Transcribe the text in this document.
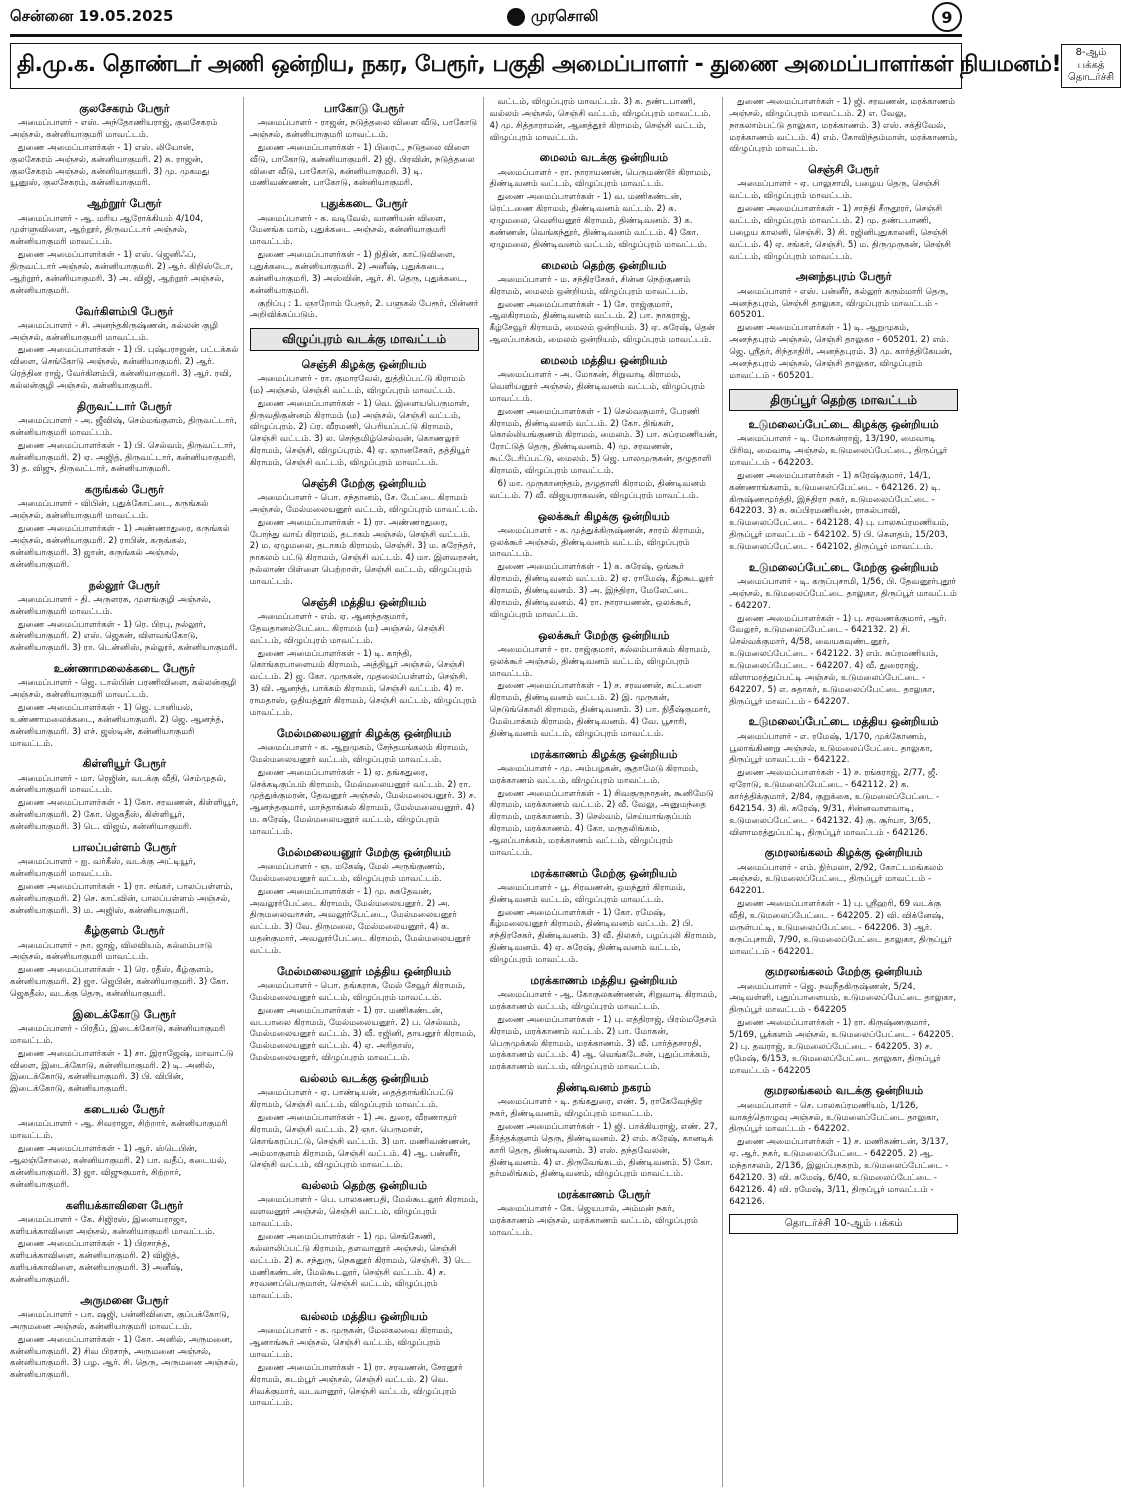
சென்னை 19.05.2025	முரசொலி	9
தி.மு.க. தொண்டர் அணி ஒன்றிய, நகர, பேரூர், பகுதி அமைப்பாளர் - துணை அமைப்பாளர்கள் நியமனம்!	8-ஆம் பக்கத் தொடர்ச்சி
குலசேகரம் பேரூர்

அமைப்பாளர் - எஸ். அந்தோணியராஜ், குலசேகரம் அஞ்சல், கன்னியாகுமரி மாவட்டம்.

துணை அமைப்பாளர்கள் - 1) எஸ். லியோன், குலசேகரம் அஞ்சல், கன்னியாகுமரி. 2) சு. ராஜன், குலசேகரம் அஞ்சல், கன்னியாகுமரி. 3) மு. முகமது யூனுஸ், குலசேகரம், கன்னியாகுமரி.

ஆற்றூர் பேரூர்

அமைப்பாளர் - ஆ. மரிய ஆரோக்கியம் 4/104, முள்ளுவிளை, ஆற்றூர், திருவட்டார் அஞ்சல், கன்னியாகுமரி மாவட்டம்.

துணை அமைப்பாளர்கள் - 1) எஸ். ஜெனிஃப், திருவட்டார் அஞ்சல், கன்னியாகுமரி. 2) ஆர். கிறிஸ்டோ, ஆற்றூர், கன்னியாகுமரி. 3) அ. விஜி, ஆற்றூர் அஞ்சல், கன்னியாகுமரி.

வேர்கிளம்பி பேரூர்

அமைப்பாளர் - சி. அனந்தகிருஷ்ணன், கல்லன் குழி அஞ்சல், கன்னியாகுமரி மாவட்டம்.

துணை அமைப்பாளர்கள் - 1) பி. புஷ்பராஜன், பட்டக்கல் விளை, செங்கோடு அஞ்சல், கன்னியாகுமரி. 2) ஆர். ரெத்தின ராஜ், வேர்கிளம்பி, கன்னியாகுமரி. 3) ஆர். ரவி, கல்லன்குழி அஞ்சல், கன்னியாகுமரி.

திருவட்டார் பேரூர்

அமைப்பாளர் - அ. ஜீவிஷ், செம்மங்குளம், திருவட்டார், கன்னியாகுமரி மாவட்டம்.

துணை அமைப்பாளர்கள் - 1) பி. செல்வம், திருவட்டார், கன்னியாகுமரி. 2) ஏ. அஜித், திருவட்டார், கன்னியாகுமரி. 3) த. விஜு, திருவட்டார், கன்னியாகுமரி.

கருங்கல் பேரூர்

அமைப்பாளர் - விபின், புதுக்கோட்டை, கருங்கல் அஞ்சல், கன்னியாகுமரி மாவட்டம்.

துணை அமைப்பாளர்கள் - 1) அண்ணாதுரை, கருங்கல் அஞ்சல், கன்னியாகுமரி. 2) ராபின், கருங்கல், கன்னியாகுமரி. 3) ஜான், கருங்கல் அஞ்சல், கன்னியாகுமரி.

நல்லூர் பேரூர்

அமைப்பாளர் - தி. அருளரசு, முளங்குழி அஞ்சல், கன்னியாகுமரி மாவட்டம்.

துணை அமைப்பாளர்கள் - 1) ரெ. பிரபு, நல்லூர், கன்னியாகுமரி. 2) எஸ். ஜெகன், விளவங்கோடு, கன்னியாகுமரி. 3) ரா. டென்னிஸ், நல்லூர், கன்னியாகுமரி.

உண்ணாமலைக்கடை பேரூர்

அமைப்பாளர் - ஜெ. டால்பின் பரணிவிளை, கல்லன்குழி அஞ்சல், கன்னியாகுமரி மாவட்டம்.

துணை அமைப்பாளர்கள் - 1) ஜெ. டானியல், உண்ணாமலைக்கடை, கன்னியாகுமரி. 2) ஜெ. ஆனந்த், கன்னியாகுமரி. 3) எச். ஜஸ்டின், கன்னியாகுமரி மாவட்டம்.

கிள்ளியூர் பேரூர்

அமைப்பாளர் - மா. ரெஜின், வடக்கு வீதி, செம்முதல், கன்னியாகுமரி மாவட்டம்.

துணை அமைப்பாளர்கள் - 1) கோ. சரவணன், கிள்ளியூர், கன்னியாகுமரி. 2) கோ. ஜெகதீஸ், கிள்ளியூர், கன்னியாகுமரி. 3) டெ. விஜய், கன்னியாகுமரி.

பாலப்பள்ளம் பேரூர்

அமைப்பாளர் - ஐ. வர்கீஸ், வடக்கு அட்டியூர், கன்னியாகுமரி மாவட்டம்.

துணை அமைப்பாளர்கள் - 1) ரா. சங்கர், பாலப்பள்ளம், கன்னியாகுமரி. 2) செ. காட்வின், பாலப்பள்ளம் அஞ்சல், கன்னியாகுமரி. 3) ம. அஜிஸ், கன்னியாகுமரி.

கீழ்குளம் பேரூர்

அமைப்பாளர் - நா. ஜாஜ், விலவியம், கல்லம்பாடு அஞ்சல், கன்னியாகுமரி மாவட்டம்.

துணை அமைப்பாளர்கள் - 1) ரெ. ரதீஸ், கீழ்குளம், கன்னியாகுமரி. 2) ஜா. ஜெபின், கன்னியாகுமரி. 3) கோ. ஜெகதீஸ், வடக்கு தெரு, கன்னியாகுமரி.

இடைக்கோடு பேரூர்

அமைப்பாளர் - பிரதீப், இடைக்கோடு, கன்னியாகுமரி மாவட்டம்.

துணை அமைப்பாளர்கள் - 1) சா. இராஜேஷ், மாவாட்டு விளை, இடைக்கோடு, கன்னியாகுமரி. 2) டி. அனில், இடைக்கோடு, கன்னியாகுமரி. 3) பி. விபின், இடைக்கோடு, கன்னியாகுமரி.

கடையல் பேரூர்

அமைப்பாளர் - ஆ. சிவராஜா, சிற்றார், கன்னியாகுமரி மாவட்டம்.

துணை அமைப்பாளர்கள் - 1) ஆர். ஸ்டெபின், ஆலஞ்சோலை, கன்னியாகுமரி. 2) பா. வதீப், கடையல், கன்னியாகுமரி. 3) ஜா. விஜுகுமார், சிற்றார், கன்னியாகுமரி.

களியக்காவிளை பேரூர்

அமைப்பாளர் - கே. சிஜிரஸ், இளையராஜா, களியக்காவிளை அஞ்சல், கன்னியாகுமரி மாவட்டம்.

துணை அமைப்பாளர்கள் - 1) பிரசாந்த், களியக்காவிளை, கன்னியாகுமரி. 2) விஜித், களியக்காவிளை, கன்னியாகுமரி. 3) அனீஷ், கன்னியாகுமரி.

அருமனை பேரூர்

அமைப்பாளர் - பா. ஷஜி, பன்னிவிளை, குப்பக்கோடு, அருமனை அஞ்சல், கன்னியாகுமரி மாவட்டம்.

துணை அமைப்பாளர்கள் - 1) கோ. அனில், அருமனை, கன்னியாகுமரி. 2) சிவ பிரசாந், அருமனை அஞ்சல், கன்னியாகுமரி. 3) பழ. ஆர். சி. தெரு, அருமனை அஞ்சல், கன்னியாகுமரி.

பாகோடு பேரூர்

அமைப்பாளர் - ராஜன், நடுத்தலை விளை வீடு, பாகோடு அஞ்சல், கன்னியாகுமரி மாவட்டம்.

துணை அமைப்பாளர்கள் - 1) பிரைட், நடுதலை விளை வீடு, பாகோடு, கன்னியாகுமரி. 2) ஜி. பிரவின், நடுத்தலை விளை வீடு, பாகோடு, கன்னியாகுமரி. 3) டி. மணிவண்ணன், பாகோடு, கன்னியாகுமரி.

புதுக்கடை பேரூர்

அமைப்பாளர் - க. வடிவேல், வாணியன் விளை, மேனங்க மாம், புதுக்கடை அஞ்சல், கன்னியாகுமரி மாவட்டம்.

துணை அமைப்பாளர்கள் - 1) நிதின், காட்டுவிளை, புதுக்கடை, கன்னியாகுமரி. 2) அனீஷ், புதுக்கடை, கன்னியாகுமரி. 3) அஸ்வின், ஆர். சி. தெரு, புதுக்கடை, கன்னியாகுமரி.

குறிப்பு : 1. ஞாறோம் பேரூர், 2. பளுகல் பேரூர், பின்னர் அறிவிக்கப்படும்.

விழுப்புரம் வடக்கு மாவட்டம்
செஞ்சி கிழக்கு ஒன்றியம்

அமைப்பாளர் - ரா. குமாரவேல், துத்திப்பட்டு கிராமம் (ம) அஞ்சல், செஞ்சி வட்டம், விழுப்புரம் மாவட்டம்.

துணை அமைப்பாளர்கள் - 1) வெ. இளையபெருமாள், திருவதிகுன்னம் கிராமம் (ம) அஞ்சல், செஞ்சி வட்டம், விழுப்புரம். 2) ப்ர. வீரமணி, பெரியப்பட்டு கிராமம், செஞ்சி வட்டம். 3) ல. செந்தமிழ்செல்வன், கொணலூர் கிராமம், செஞ்சி, விழுப்புரம். 4) ஏ. ஞானசேகர், தத்தியூர் கிராமம், செஞ்சி வட்டம், விழுப்புரம் மாவட்டம்.

செஞ்சி மேற்கு ஒன்றியம்

அமைப்பாளர் - பொ. சந்தானம், சே. பேட்டை கிராமம் அஞ்சல், மேல்மலையனூர் வட்டம், விழுப்புரம் மாவட்டம்.

துணை அமைப்பாளர்கள் - 1) ரா. அண்ணாதுரை, போந்து வாய் கிராமம், தடாகம் அஞ்சல், செஞ்சி வட்டம். 2) ம. ஏழுமலை, தடாகம் கிராமம், செஞ்சி. 3) ம. சுரேந்தர், நாகலம் பட்டு கிராமம், செஞ்சி வட்டம். 4) மா. இளவரசன், நல்லாண் பிள்ளை பெற்றாள், செஞ்சி வட்டம், விழுப்புரம் மாவட்டம்.

செஞ்சி மத்திய ஒன்றியம்

அமைப்பாளர் - எம். ஏ. ஆனந்தகுமார், தேவதானம்பேட்டை கிராமம் (ம) அஞ்சல், செஞ்சி வட்டம், விழுப்புரம் மாவட்டம்.

துணை அமைப்பாளர்கள் - 1) டி. காந்தி, கொங்கரபாளையம் கிராமம், அத்தியூர் அஞ்சல், செஞ்சி வட்டம். 2) ஜ. கோ. முருகன், முதலைப்பள்ளம், செஞ்சி. 3) வி. ஆனந்த், பாக்கம் கிராமம், செஞ்சி வட்டம். 4) ஈ. ராமதாஸ், ஒதியத்தூர் கிராமம், செஞ்சி வட்டம், விழுப்புரம் மாவட்டம்.

மேல்மலையனூர் கிழக்கு ஒன்றியம்

அமைப்பாளர் - க. ஆறுமுகம், சேந்தமங்கலம் கிராமம், மேல்மலையனூர் வட்டம், விழுப்புரம் மாவட்டம்.

துணை அமைப்பாளர்கள் - 1) ஏ. தங்கதுரை, செக்கடிகுப்பம் கிராமம், மேல்மலையனூர் வட்டம். 2) ரா. முத்துக்குமரன், தேவனூர் அஞ்சல், மேல்மலையனூர். 3) ச. ஆனந்தகுமார், மாந்தாங்கல் கிராமம், மேல்மலையனூர். 4) ம. சுரேஷ், மேல்மலையனூர் வட்டம், விழுப்புரம் மாவட்டம்.

மேல்மலையனூர் மேற்கு ஒன்றியம்

அமைப்பாளர் - ஞ. மகேஷ், மேல் அருங்குணம், மேல்மலையனூர் வட்டம், விழுப்புரம் மாவட்டம்.

துணை அமைப்பாளர்கள் - 1) மு. சுகதேவன், அவலூர்பேட்டை கிராமம், மேல்மலையனூர். 2) அ. திருமலைவாசன், அவலூர்பேட்டை, மேல்மலையனூர் வட்டம். 3) வே. திருமலை, மேல்மலையனூர். 4) க. மதன்குமார், அவலூர்பேட்டை கிராமம், மேல்மலையனூர் வட்டம்.

மேல்மலையனூர் மத்திய ஒன்றியம்

அமைப்பாளர் - பொ. தங்கராசு, மேல் சேவூர் கிராமம், மேல்மலையனூர் வட்டம், விழுப்புரம் மாவட்டம்.

துணை அமைப்பாளர்கள் - 1) ரா. மணிகண்டன், வடபாலை கிராமம், மேல்மலையனூர். 2) ப. செல்வம், மேல்மலையனூர் வட்டம். 3) வீ. ரஜினி, தாயனூர் கிராமம், மேல்மலையனூர் வட்டம். 4) ஏ. அரிதாஸ், மேல்மலையனூர், விழுப்புரம் மாவட்டம்.

வல்லம் வடக்கு ஒன்றியம்

அமைப்பாளர் - ஏ. பாண்டியன், தைத்தாங்கிப்பட்டு கிராமம், செஞ்சி வட்டம், விழுப்புரம் மாவட்டம்.

துணை அமைப்பாளர்கள் - 1) அ. துரை, வீரணாமூர் கிராமம், செஞ்சி வட்டம். 2) ஞா. பெருமாள், கொங்கரப்பட்டு, செஞ்சி வட்டம். 3) மா. மணிவண்ணன், அம்மாகுளம் கிராமம், செஞ்சி வட்டம். 4) ஆ. பன்னீர், செஞ்சி வட்டம், விழுப்புரம் மாவட்டம்.

வல்லம் தெற்கு ஒன்றியம்

அமைப்பாளர் - பெ. பாலகணபதி, மேல்கூடலூர் கிராமம், வளவனூர் அஞ்சல், செஞ்சி வட்டம், விழுப்புரம் மாவட்டம்.

துணை அமைப்பாளர்கள் - 1) மு. செங்கேணி, கல்லாலிப்பட்டு கிராமம், தளவானூர் அஞ்சல், செஞ்சி வட்டம். 2) சு. சந்துரு, நெகனூர் கிராமம், செஞ்சி. 3) டெ. மணிகண்டன், மேல்கூடலூர், செஞ்சி வட்டம். 4) ச. சரவணப்பெருமாள், செஞ்சி வட்டம், விழுப்புரம் மாவட்டம்.

வல்லம் மத்திய ஒன்றியம்

அமைப்பாளர் - க. முருகன், மேலகலவை கிராமம், ஆனாங்கூர் அஞ்சல், செஞ்சி வட்டம், விழுப்புரம் மாவட்டம்.

துணை அமைப்பாளர்கள் - 1) ரா. சரவணன், சேரனூர் கிராமம், கடம்பூர் அஞ்சல், செஞ்சி வட்டம். 2) வெ. சிவக்குமார், வடவானூர், செஞ்சி வட்டம், விழுப்புரம் மாவட்டம்.

வட்டம், விழுப்புரம் மாவட்டம். 3) க. தண்டபாணி, வல்லம் அஞ்சல், செஞ்சி வட்டம், விழுப்புரம் மாவட்டம். 4) மு. சித்தாராமன், ஆனத்தூர் கிராமம், செஞ்சி வட்டம், விழுப்புரம் மாவட்டம்.

மைலம் வடக்கு ஒன்றியம்

அமைப்பாளர் - ரா. நாராயணன், பெருமண்டூர் கிராமம், திண்டிவனம் வட்டம், விழுப்புரம் மாவட்டம்.

துணை அமைப்பாளர்கள் - 1) வ. மணிகண்டன், ரெட்டணை கிராமம், திண்டிவனம் வட்டம். 2) சு. ஏழுமலை, வெளியனூர் கிராமம், திண்டிவனம். 3) க. கண்ணன், வெங்கந்தூர், திண்டிவனம் வட்டம். 4) கோ. ஏழுமலை, திண்டிவனம் வட்டம், விழுப்புரம் மாவட்டம்.

மைலம் தெற்கு ஒன்றியம்

அமைப்பாளர் - ம. சந்திரசேகர், சின்ன நெற்குணம் கிராமம், மைலம் ஒன்றியம், விழுப்புரம் மாவட்டம்.

துணை அமைப்பாளர்கள் - 1) சே. ராஜ்குமார், ஆலகிராமம், திண்டிவனம் வட்டம். 2) பா. நாகராஜ், கீழ்சேவூர் கிராமம், மைலம் ஒன்றியம். 3) ஏ. சுரேஷ், தென் ஆலப்பாக்கம், மைலம் ஒன்றியம், விழுப்புரம் மாவட்டம்.

மைலம் மத்திய ஒன்றியம்

அமைப்பாளர் - அ. மோகன், சிறுவாடி கிராமம், வெளியனூர் அஞ்சல், திண்டிவனம் வட்டம், விழுப்புரம் மாவட்டம்.

துணை அமைப்பாளர்கள் - 1) செல்வகுமார், பேரணி கிராமம், திண்டிவனம் வட்டம். 2) கோ. திங்கள், கொல்லியங்குணம் கிராமம், மைலம். 3) பா. சுப்ரமணியன், ரோட்டுத் தெரு, திண்டிவனம். 4) மு. சரவணன், கூட்டேரிப்பட்டு, மைலம். 5) ஜெ. பாலமுருகன், தழுதாளி கிராமம், விழுப்புரம் மாவட்டம்.

6) மா. முருகானந்தம், தழுதாளி கிராமம், திண்டிவனம் வட்டம். 7) வீ. விஜயராகவன், விழுப்புரம் மாவட்டம்.

ஒலக்கூர் கிழக்கு ஒன்றியம்

அமைப்பாளர் - க. முத்துக்கிருஷ்ணன், சாரம் கிராமம், ஒலக்கூர் அஞ்சல், திண்டிவனம் வட்டம், விழுப்புரம் மாவட்டம்.

துணை அமைப்பாளர்கள் - 1) க. சுரேஷ், ஒங்கூர் கிராமம், திண்டிவனம் வட்டம். 2) ஏ. ராமேஷ், கீழ்கூடலூர் கிராமம், திண்டிவனம். 3) அ. இந்திரா, மேலேட்டை கிராமம், திண்டிவனம். 4) ரா. நாராயணன், ஒலக்கூர், விழுப்புரம் மாவட்டம்.

ஒலக்கூர் மேற்கு ஒன்றியம்

அமைப்பாளர் - ரா. ராஜ்குமார், கல்லம்பாக்கம் கிராமம், ஒலக்கூர் அஞ்சல், திண்டிவனம் வட்டம், விழுப்புரம் மாவட்டம்.

துணை அமைப்பாளர்கள் - 1) ச. சரவணன், கட்டளை கிராமம், திண்டிவனம் வட்டம். 2) இ. முருகன், நெடுங்கொலி கிராமம், திண்டிவனம். 3) பா. நிதீஷ்குமார், மேல்பாக்கம் கிராமம், திண்டிவனம். 4) வே. பூசாரி, திண்டிவனம் வட்டம், விழுப்புரம் மாவட்டம்.

மரக்காணம் கிழக்கு ஒன்றியம்

அமைப்பாளர் - மு. அம்பழகன், சூதாமேடு கிராமம், மரக்காணம் வட்டம், விழுப்புரம் மாவட்டம்.

துணை அமைப்பாளர்கள் - 1) சிவகுருநாதன், கூனிமேடு கிராமம், மரக்காணம் வட்டம். 2) வீ. வேலு, அனுமந்தை கிராமம், மரக்காணம். 3) செல்வம், செய்யாங்குப்பம் கிராமம், மரக்காணம். 4) கோ. மருதலிங்கம், ஆலப்பாக்கம், மரக்காணம் வட்டம், விழுப்புரம் மாவட்டம்.

மரக்காணம் மேற்கு ஒன்றியம்

அமைப்பாளர் - பூ. சிரவணன், ஒமந்தூர் கிராமம், திண்டிவனம் வட்டம், விழுப்புரம் மாவட்டம்.

துணை அமைப்பாளர்கள் - 1) கோ. ரமேஷ், கீழ்மலையனூர் கிராமம், திண்டிவனம் வட்டம். 2) பி. சந்திரசேகர், திண்டிவனம். 3) வீ. திலகர், பழப்புலி கிராமம், திண்டிவனம். 4) ஏ. சுரேஷ், திண்டிவனம் வட்டம், விழுப்புரம் மாவட்டம்.

மரக்காணம் மத்திய ஒன்றியம்

அமைப்பாளர் - ஆ. கோகுலகண்ணன், சிறுவாடி கிராமம், மரக்காணம் வட்டம், விழுப்புரம் மாவட்டம்.

துணை அமைப்பாளர்கள் - 1) பு. எத்திராஜ், பிரம்மதேசம் கிராமம், மரக்காணம் வட்டம். 2) பா. மோகன், பெருமுக்கல் கிராமம், மரக்காணம். 3) வீ. பார்த்தசாரதி, மரக்காணம் வட்டம். 4) ஆ. வெங்கடேசன், புதுப்பாக்கம், மரக்காணம் வட்டம், விழுப்புரம் மாவட்டம்.

திண்டிவனம் நகரம்

அமைப்பாளர் - டி. தங்கதுரை, எண். 5, ராகேவேந்திர நகர், திண்டிவனம், விழுப்புரம் மாவட்டம்.

துணை அமைப்பாளர்கள் - 1) ஜி. பாக்கியராஜ், எண். 27, தீர்த்தக்குளம் தெரு, திண்டிவனம். 2) எம். சுரேஷ், கானடிக் காரி தெரு, திண்டிவனம். 3) எஸ். தந்தவேலன், திண்டிவனம். 4) எ. திருவேங்கடம், திண்டிவனம். 5) கோ. தர்மலிங்கம், திண்டிவனம், விழுப்புரம் மாவட்டம்.

மரக்காணம் பேரூர்

அமைப்பாளர் - கே. ஜெயபால், அம்மன் நகர், மரக்காணம் அஞ்சல், மரக்காணம் வட்டம், விழுப்புரம் மாவட்டம்.

துணை அமைப்பாளர்கள் - 1) ஜி. சரவணன், மரக்காணம் அஞ்சல், விழுப்புரம் மாவட்டம். 2) எ. வேலு, நாகலாம்பட்டு தாலுகா, மரக்காணம். 3) எஸ். சக்திவேல், மரக்காணம் வட்டம். 4) எம். கோவிந்தம்மாள், மரக்காணம், விழுப்புரம் மாவட்டம்.

செஞ்சி பேரூர்

அமைப்பாளர் - ஏ. பாலுசாமி, பழைய தெரு, செஞ்சி வட்டம், விழுப்புரம் மாவட்டம்.

துணை அமைப்பாளர்கள் - 1) சாந்தி சீருதூரர், செஞ்சி வட்டம், விழுப்புரம் மாவட்டம். 2) மு. தண்டபாணி, பழைய காலனி, செஞ்சி. 3) சி. ரஜினிபுதுகாலனி, செஞ்சி வட்டம். 4) ஏ. சங்கர், செஞ்சி. 5) ம. திருமுருகன், செஞ்சி வட்டம், விழுப்புரம் மாவட்டம்.

அனந்தபுரம் பேரூர்

அமைப்பாளர் - எஸ். பன்னீர், கல்லூர் கரும்மாரி தெரு, அனந்தபுரம், செஞ்சி தாலுகா, விழுப்புரம் மாவட்டம் - 605201.

துணை அமைப்பாளர்கள் - 1) டி. ஆறுமுகம், அனந்தபுரம் அஞ்சல், செஞ்சி தாலுகா - 605201. 2) எம். ஜெ. ஸ்ரீதர், சிந்தாதிரி, அனந்தபுரம். 3) மு. கார்த்திகேயன், அனந்தபுரம் அஞ்சல், செஞ்சி தாலுகா, விழுப்புரம் மாவட்டம் - 605201.

திருப்பூர் தெற்கு மாவட்டம்
உடுமலைப்பேட்டை கிழக்கு ஒன்றியம்

அமைப்பாளர் - டி. மோகன்ராஜ், 13/190, மைவாடி பிரிவு, மைவாடி அஞ்சல், உடுமலைப்பேட்டை, திருப்பூர் மாவட்டம் - 642203.

துணை அமைப்பாளர்கள் - 1) சுரேஷ்குமார், 14/1, கண்ணாங்களம், உடுமலைப்பேட்டை - 642126. 2) டி. கிருஷ்ணமூர்த்தி, இந்திரா நகர், உடுமலைப்பேட்டை - 642203. 3) சு. சுப்பிரமணியன், ராகல்பாவி, உடுமலைப்பேட்டை - 642128. 4) பு. பாலசுப்ரமணியம், திருப்பூர் மாவட்டம் - 642102. 5) பி. கௌதம், 15/203, உடுமலைப்பேட்டை - 642102, திருப்பூர் மாவட்டம்.

உடுமலைப்பேட்டை மேற்கு ஒன்றியம்

அமைப்பாளர் - டி. கருப்புசாமி, 1/56, பி. தேவனூர்புதூர் அஞ்சல், உடுமலைப்பேட்டை தாலுகா, திருப்பூர் மாவட்டம் - 642207.

துணை அமைப்பாளர்கள் - 1) பு. சரவணக்குமார், ஆர். வேலூர், உடுமலைப்பேட்டை - 642132. 2) சி. செல்வக்குமார், 4/58, வையகவுண்டனூர், உடுமலைப்பேட்டை - 642122. 3) எம். சுப்ரமணியம், உடுமலைப்பேட்டை - 642207. 4) வீ. துரைராஜ், விளாமரத்துப்பட்டி அஞ்சல், உடுமலைப்பேட்டை - 642207. 5) எ. சுதாகர், உடுமலைப்பேட்டை தாலுகா, திருப்பூர் மாவட்டம் - 642207.

உடுமலைப்பேட்டை மத்திய ஒன்றியம்

அமைப்பாளர் - எ. ரமேஷ், 1/170, முக்கோணம், பூலாங்கிணறு அஞ்சல், உடுமலைப்பேட்டை தாலுகா, திருப்பூர் மாவட்டம் - 642122.

துணை அமைப்பாளர்கள் - 1) ச. ரங்கராஜ், 2/77, ஜீ. ஏரோடு, உடுமலைப்பேட்டை - 642112. 2) க. கார்த்திக்குமார், 2/84, குறுக்கை, உடுமலைப்பேட்டை - 642154. 3) கி. சுரேஷ், 9/31, சின்னவாளவாடி, உடுமலைப்பேட்டை - 642132. 4) கு. சூர்யா, 3/65, விளாமரத்துப்பட்டி, திருப்பூர் மாவட்டம் - 642126.

குமரலங்கலம் கிழக்கு ஒன்றியம்

அமைப்பாளர் - எம். நிர்மலா, 2/92, கோட்டமங்கலம் அஞ்சல், உடுமலைப்பேட்டை, திருப்பூர் மாவட்டம் - 642201.

துணை அமைப்பாளர்கள் - 1) பு. ஸ்ரீஹரி, 69 வடக்கு வீதி, உடுமலைப்பேட்டை - 642205. 2) வி. விக்னேஷ், மருள்பட்டி, உடுமலைப்பேட்டை - 642206. 3) ஆர். கருப்புசாமி, 7/90, உடுமலைப்பேட்டை தாலுகா, திருப்பூர் மாவட்டம் - 642201.

குமரலங்கலம் மேற்கு ஒன்றியம்

அமைப்பாளர் - ஜெ. நவநீதகிருஷ்ணன், 5/24, அடிவள்ளி, புதுப்பாளையம், உடுமலைப்பேட்டை தாலுகா, திருப்பூர் மாவட்டம் - 642205

துணை அமைப்பாளர்கள் - 1) ரா. கிருஷ்ணகுமார், 5/169, பூக்களம் அஞ்சல், உடுமலைப்பேட்டை - 642205. 2) பு. தவராஜ், உடுமலைப்பேட்டை - 642205. 3) ச. ரமேஷ், 6/153, உடுமலைப்பேட்டை தாலுகா, திருப்பூர் மாவட்டம் - 642205

குமரலங்கலம் வடக்கு ஒன்றியம்

அமைப்பாளர் - செ. பாலசுப்ரமணியம், 1/126, வாகத்தொழுவு அஞ்சல், உடுமலைப்பேட்டை தாலுகா, திருப்பூர் மாவட்டம் - 642202.

துணை அமைப்பாளர்கள் - 1) ச. மணிகண்டன், 3/137, ஏ. ஆர். நகர், உடுமலைப்பேட்டை - 642205. 2) ஆ. மந்தாசலம், 2/136, இலுப்பநகரம், உடுமலைப்பேட்டை - 642120. 3) வி. சுமேஷ், 6/40, உடுமலைப்பேட்டை - 642126. 4) வி. ரமேஷ், 3/11, திருப்பூர் மாவட்டம் - 642126.

தொடர்ச்சி 10-ஆம் பக்கம்
